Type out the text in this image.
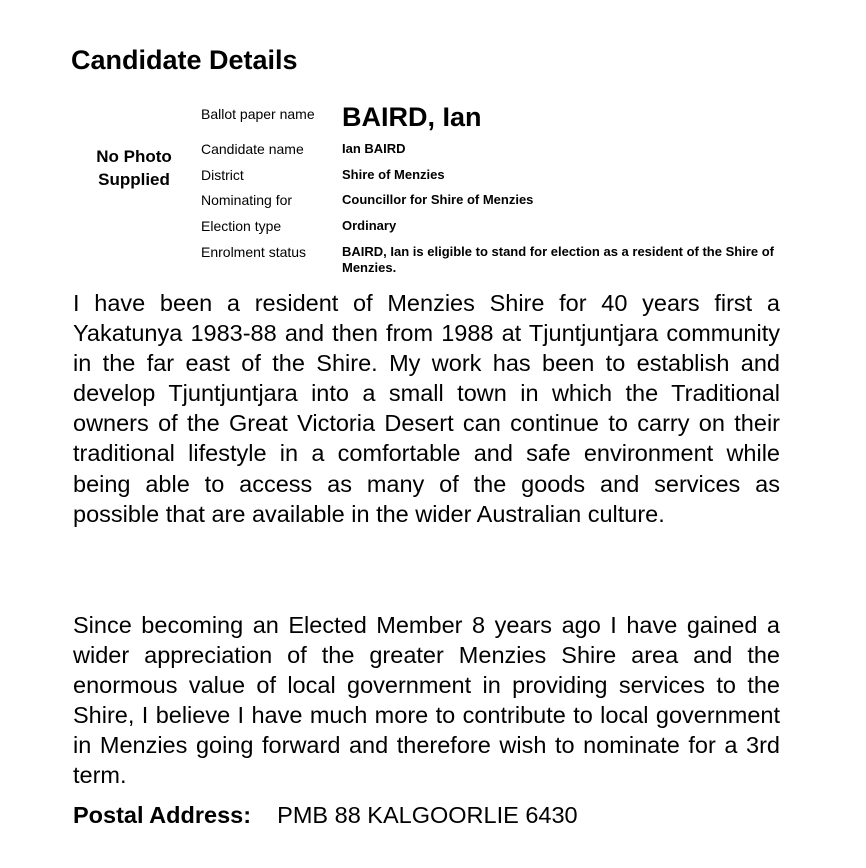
Candidate Details
No Photo
Supplied
Ballot paper name	BAIRD, Ian
Candidate name	Ian BAIRD
District	Shire of Menzies
Nominating for	Councillor for Shire of Menzies
Election type	Ordinary
Enrolment status	BAIRD, Ian is eligible to stand for election as a resident of the Shire of Menzies.

I have been a resident of Menzies Shire for 40 years first a Yakatunya 1983-88 and then from 1988 at Tjuntjuntjara community in the far east of the Shire. My work has been to establish and develop Tjuntjuntjara into a small town in which the Traditional owners of the Great Victoria Desert can continue to carry on their traditional lifestyle in a comfortable and safe environment while being able to access as many of the goods and services as possible that are available in the wider Australian culture.

Since becoming an Elected Member 8 years ago I have gained a wider appreciation of the greater Menzies Shire area and the enormous value of local government in providing services to the Shire, I believe I have much more to contribute to local government in Menzies going forward and therefore wish to nominate for a 3rd term.

Postal Address: PMB 88 KALGOORLIE 6430
